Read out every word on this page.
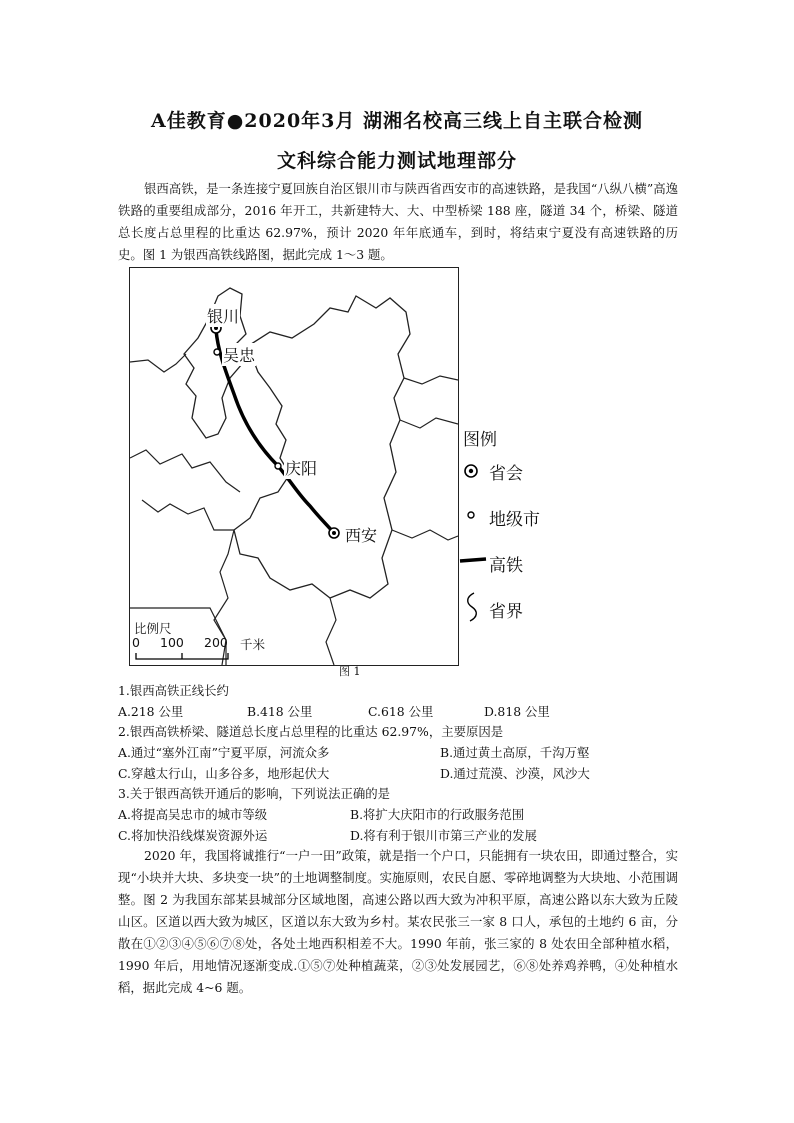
A佳教育●2020年3月 湖湘名校高三线上自主联合检测
文科综合能力测试地理部分
银西高铁，是一条连接宁夏回族自治区银川市与陕西省西安市的高速铁路，是我国“八纵八横”高逸铁路的重要组成部分，2016 年开工，共新建特大、大、中型桥梁 188 座，隧道 34 个，桥梁、隧道总长度占总里程的比重达 62.97%，预计 2020 年年底通车，到时，将结束宁夏没有高速铁路的历史。图 1 为银西高铁线路图，据此完成 1～3 题。
银川
吴忠
庆阳
西安
比例尺
0 100 200 千米
图例
省会
地级市
高铁
省界
图 1
1.银西高铁正线长约
A.218 公里	B.418 公里	C.618 公里	D.818 公里
2.银西高铁桥梁、隧道总长度占总里程的比重达 62.97%，主要原因是
A.通过“塞外江南”宁夏平原，河流众多	B.通过黄土高原，千沟万壑
C.穿越太行山，山多谷多，地形起伏大	D.通过荒漠、沙漠，风沙大
3.关于银西高铁开通后的影响，下列说法正确的是
A.将提高吴忠市的城市等级	B.将扩大庆阳市的行政服务范围
C.将加快沿线煤炭资源外运	D.将有利于银川市第三产业的发展
2020 年，我国将诚推行“一户一田”政策，就是指一个户口，只能拥有一块农田，即通过整合，实现“小块并大块、多块变一块”的土地调整制度。实施原则，农民自愿、零碎地调整为大块地、小范围调整。图 2 为我国东部某县城部分区域地图，高速公路以西大致为冲积平原，高速公路以东大致为丘陵山区。区道以西大致为城区，区道以东大致为乡村。某农民张三一家 8 口人，承包的土地约 6 亩，分散在①②③④⑤⑥⑦⑧处，各处土地西积相差不大。1990 年前，张三家的 8 处农田全部种植水稻，1990 年后，用地情况逐渐变成.①⑤⑦处种植蔬菜，②③处发展园艺，⑥⑧处养鸡养鸭，④处种植水稻，据此完成 4~6 题。
